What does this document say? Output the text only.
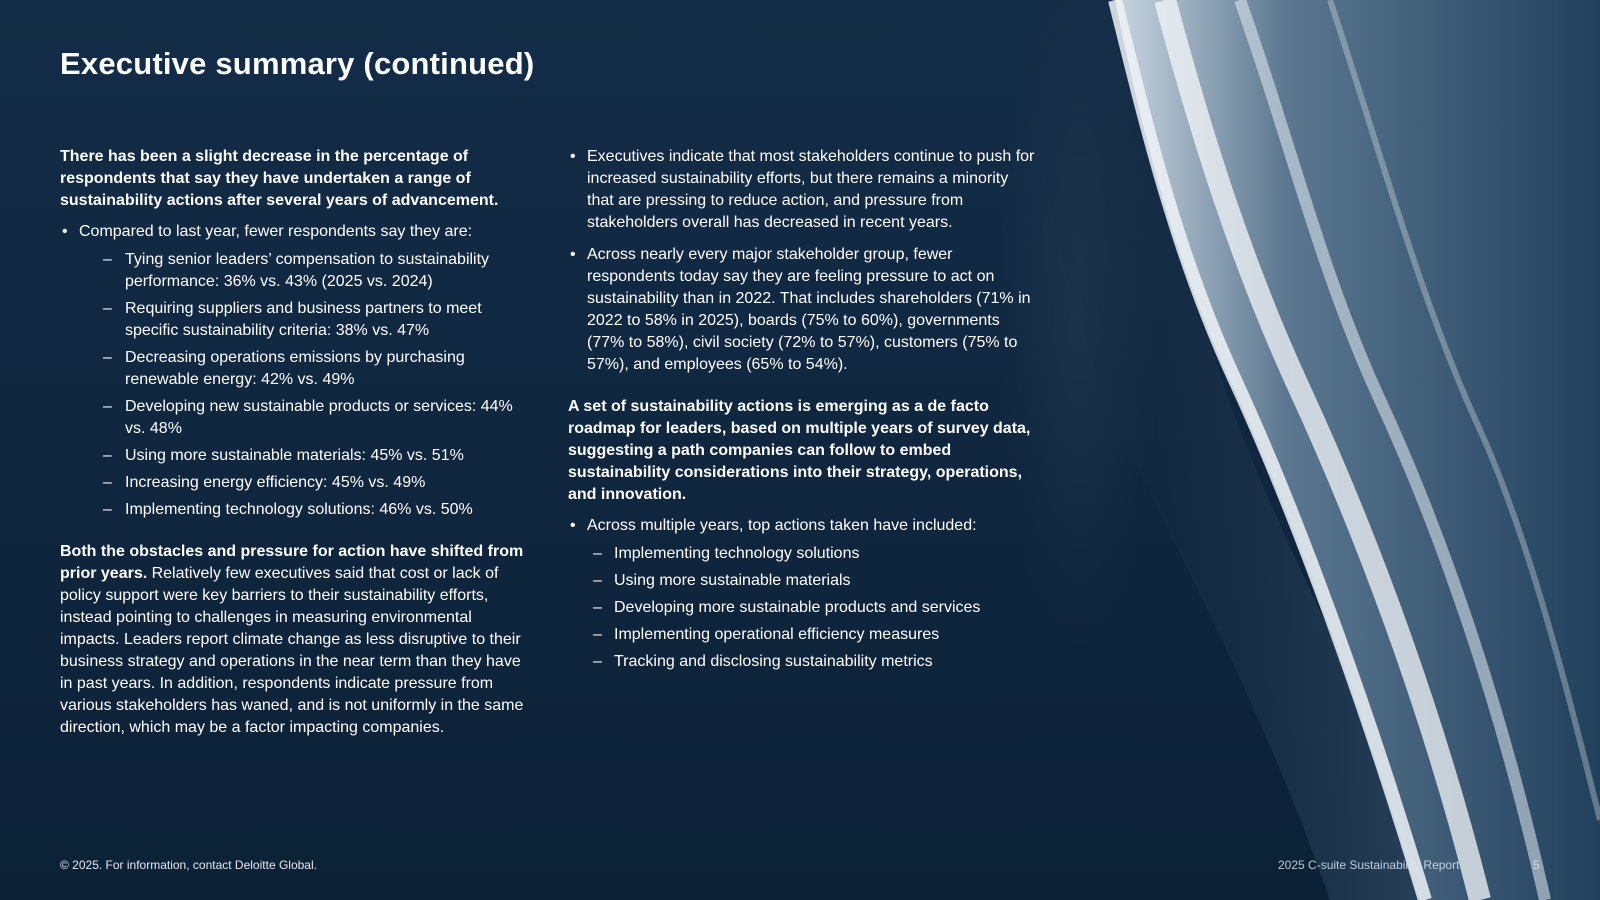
Executive summary (continued)

There has been a slight decrease in the percentage of respondents that say they have undertaken a range of sustainability actions after several years of advancement.

• Compared to last year, fewer respondents say they are:
– Tying senior leaders’ compensation to sustainability performance: 36% vs. 43% (2025 vs. 2024)
– Requiring suppliers and business partners to meet specific sustainability criteria: 38% vs. 47%
– Decreasing operations emissions by purchasing renewable energy: 42% vs. 49%
– Developing new sustainable products or services: 44% vs. 48%
– Using more sustainable materials: 45% vs. 51%
– Increasing energy efficiency: 45% vs. 49%
– Implementing technology solutions: 46% vs. 50%

Both the obstacles and pressure for action have shifted from prior years. Relatively few executives said that cost or lack of policy support were key barriers to their sustainability efforts, instead pointing to challenges in measuring environmental impacts. Leaders report climate change as less disruptive to their business strategy and operations in the near term than they have in past years. In addition, respondents indicate pressure from various stakeholders has waned, and is not uniformly in the same direction, which may be a factor impacting companies.

• Executives indicate that most stakeholders continue to push for increased sustainability efforts, but there remains a minority that are pressing to reduce action, and pressure from stakeholders overall has decreased in recent years.
• Across nearly every major stakeholder group, fewer respondents today say they are feeling pressure to act on sustainability than in 2022. That includes shareholders (71% in 2022 to 58% in 2025), boards (75% to 60%), governments (77% to 58%), civil society (72% to 57%), customers (75% to 57%), and employees (65% to 54%).

A set of sustainability actions is emerging as a de facto roadmap for leaders, based on multiple years of survey data, suggesting a path companies can follow to embed sustainability considerations into their strategy, operations, and innovation.

• Across multiple years, top actions taken have included:
– Implementing technology solutions
– Using more sustainable materials
– Developing more sustainable products and services
– Implementing operational efficiency measures
– Tracking and disclosing sustainability metrics
© 2025. For information, contact Deloitte Global.	2025 C-suite Sustainability Report	5
